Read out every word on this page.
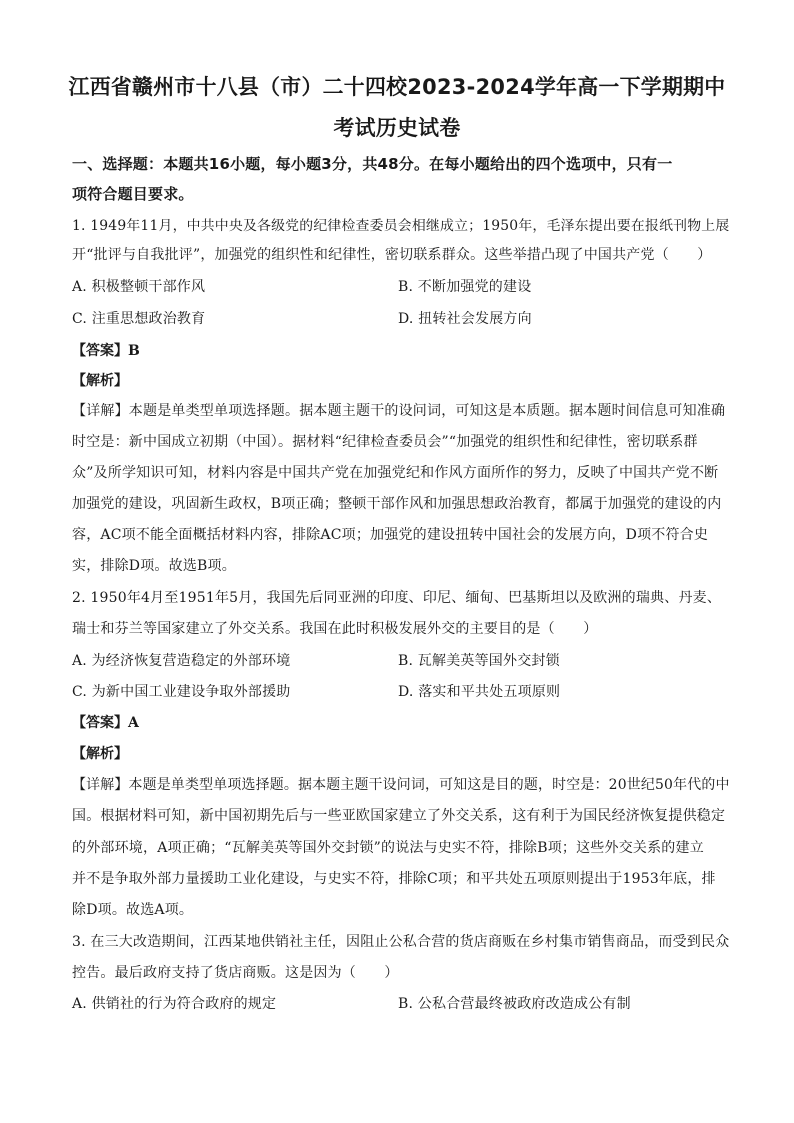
江西省赣州市十八县（市）二十四校2023-2024学年高一下学期期中
考试历史试卷
一、选择题：本题共16小题，每小题3分，共48分。在每小题给出的四个选项中，只有一
项符合题目要求。
1. 1949年11月，中共中央及各级党的纪律检查委员会相继成立；1950年，毛泽东提出要在报纸刊物上展
开“批评与自我批评”，加强党的组织性和纪律性，密切联系群众。这些举措凸现了中国共产党（　　）
A. 积极整顿干部作风	B. 不断加强党的建设
C. 注重思想政治教育	D. 扭转社会发展方向
【答案】B
【解析】
【详解】本题是单类型单项选择题。据本题主题干的设问词，可知这是本质题。据本题时间信息可知准确
时空是：新中国成立初期（中国）。据材料“纪律检查委员会”“加强党的组织性和纪律性，密切联系群
众”及所学知识可知，材料内容是中国共产党在加强党纪和作风方面所作的努力，反映了中国共产党不断
加强党的建设，巩固新生政权，B项正确；整顿干部作风和加强思想政治教育，都属于加强党的建设的内
容，AC项不能全面概括材料内容，排除AC项；加强党的建设扭转中国社会的发展方向，D项不符合史
实，排除D项。故选B项。
2. 1950年4月至1951年5月，我国先后同亚洲的印度、印尼、缅甸、巴基斯坦以及欧洲的瑞典、丹麦、
瑞士和芬兰等国家建立了外交关系。我国在此时积极发展外交的主要目的是（　　）
A. 为经济恢复营造稳定的外部环境	B. 瓦解美英等国外交封锁
C. 为新中国工业建设争取外部援助	D. 落实和平共处五项原则
【答案】A
【解析】
【详解】本题是单类型单项选择题。据本题主题干设问词，可知这是目的题，时空是：20世纪50年代的中
国。根据材料可知，新中国初期先后与一些亚欧国家建立了外交关系，这有利于为国民经济恢复提供稳定
的外部环境，A项正确；“瓦解美英等国外交封锁”的说法与史实不符，排除B项；这些外交关系的建立
并不是争取外部力量援助工业化建设，与史实不符，排除C项；和平共处五项原则提出于1953年底，排
除D项。故选A项。
3. 在三大改造期间，江西某地供销社主任，因阻止公私合营的货店商贩在乡村集市销售商品，而受到民众
控告。最后政府支持了货店商贩。这是因为（　　）
A. 供销社的行为符合政府的规定	B. 公私合营最终被政府改造成公有制
